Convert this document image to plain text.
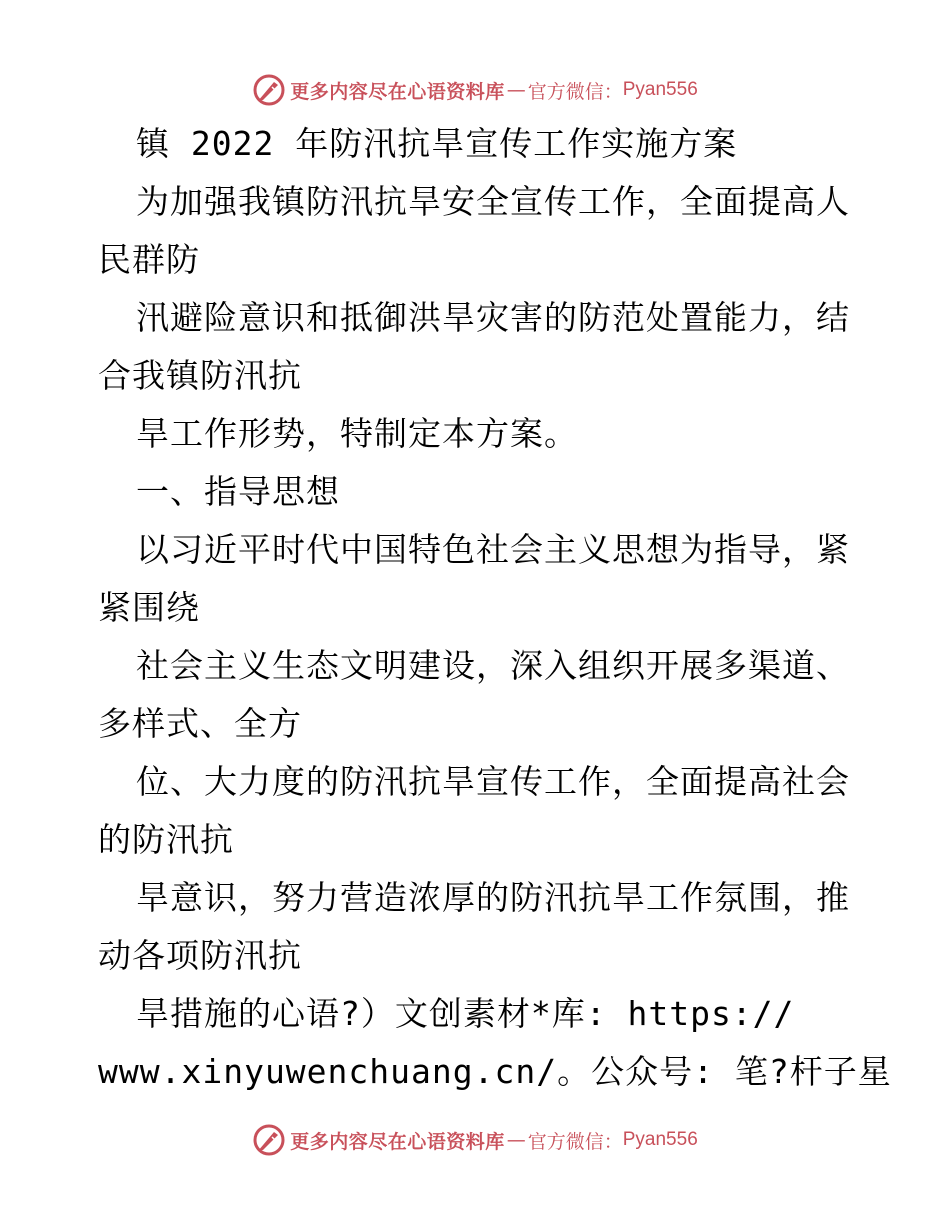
更多内容尽在心语资料库 — 官方微信： Pyan556
镇 2022 年防汛抗旱宣传工作实施方案
为加强我镇防汛抗旱安全宣传工作，全面提高人
民群防
汛避险意识和抵御洪旱灾害的防范处置能力，结
合我镇防汛抗
旱工作形势，特制定本方案。
一、指导思想
以习近平时代中国特色社会主义思想为指导，紧
紧围绕
社会主义生态文明建设，深入组织开展多渠道、
多样式、全方
位、大力度的防汛抗旱宣传工作，全面提高社会
的防汛抗
旱意识，努力营造浓厚的防汛抗旱工作氛围，推
动各项防汛抗
旱措施的心语?）文创素材*库: https://
www.xinyuwenchuang.cn/。公众号: 笔?杆子星
更多内容尽在心语资料库 — 官方微信： Pyan556
